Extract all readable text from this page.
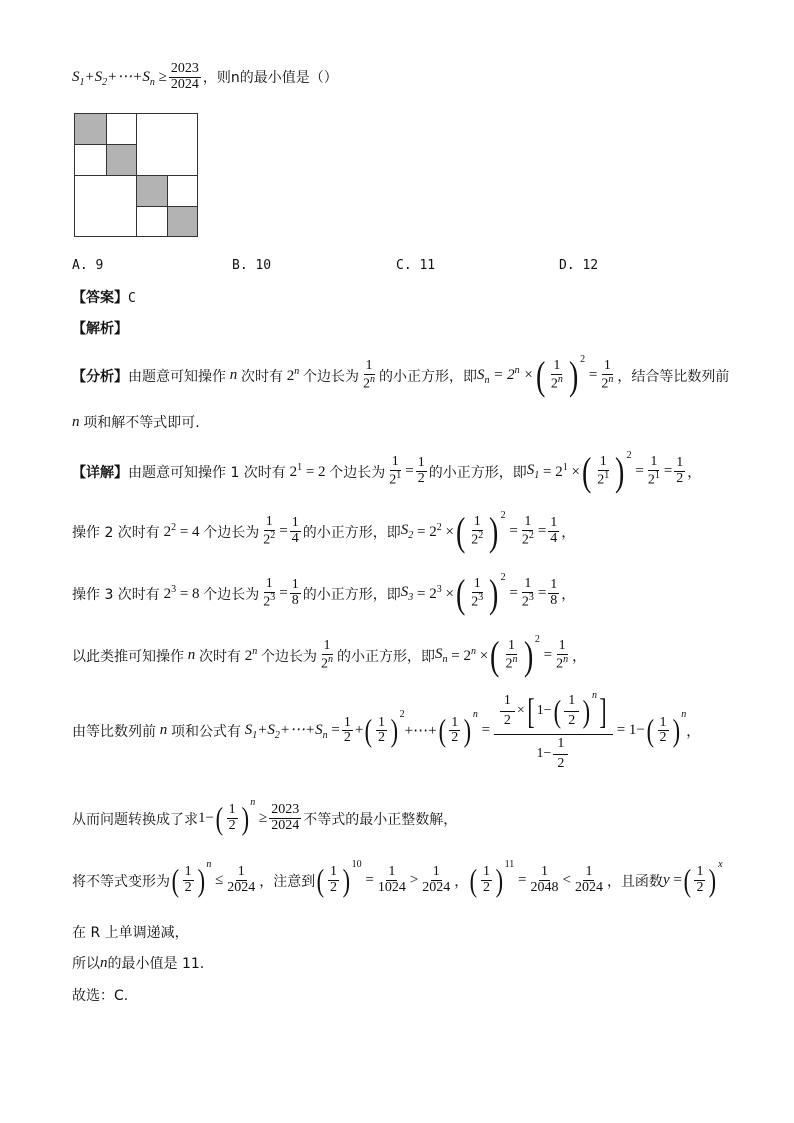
$S_1+S_2+\cdots+S_n \ge \frac{2023}{2024}$ ，则n的最小值是（）
A. 9	B. 10	C. 11	D. 12
【答案】C
【解析】
【分析】 由题意可知操作 n 次时有 2$^n$ 个边长为 $\frac{1}{2^n}$ 的小正方形，即 $S_n = 2^n$ × ( $\frac{1}{2^n}$ ) 2
= $\frac{1}{2^n}$ ，结合等比数列前
n 项和解不等式即可.
【详解】 由题意可知操作 1 次时有 $2^1 = 2$ 个边长为 $\frac{1}{2^1} = \frac{1}{2}$ 的小正方形，即 $S_1 = 2^1$ × ( $\frac{1}{2^1}$ ) 2
= $\frac{1}{2^1} = \frac{1}{2}$ ，
操作 2 次时有 $2^2 = 4$ 个边长为 $\frac{1}{2^2} = \frac{1}{4}$ 的小正方形，即 $S_2 = 2^2$ × ( $\frac{1}{2^2}$ ) 2
= $\frac{1}{2^2} = \frac{1}{4}$ ，
操作 3 次时有 $2^3 = 8$ 个边长为 $\frac{1}{2^3} = \frac{1}{8}$ 的小正方形，即 $S_3 = 2^3$ × ( $\frac{1}{2^3}$ ) 2
= $\frac{1}{2^3} = \frac{1}{8}$ ，
以此类推可知操作 n 次时有 2$^n$ 个边长为 $\frac{1}{2^n}$ 的小正方形，即 $S_n = 2^n$ × ( $\frac{1}{2^n}$ ) 2
= $\frac{1}{2^n}$ ，
由等比数列前 n 项和公式有 $S_1+S_2+\cdots+S_n = \frac{1}{2}$ + ( $\frac{1}{2}$ ) 2
+⋯+ ( $\frac{1}{2}$ ) n
= $\frac{\frac{1}{2} \times [ 1- ( \frac{1}{2} ) n ]}{1- \frac{1}{2}} = 1-$ ( $\frac{1}{2}$ ) n
，
从而问题转换成了求 1− ( $\frac{1}{2}$ ) n
≥ $\frac{2023}{2024}$ 不等式的最小正整数解，
将不等式变形为 ( $\frac{1}{2}$ ) n
≤ $\frac{1}{2024}$ ，注意到 ( $\frac{1}{2}$ ) 10
= $\frac{1}{1024} > \frac{1}{2024}$ ， ( $\frac{1}{2}$ ) 11
= $\frac{1}{2048} < \frac{1}{2024}$ ，且函数 y = ( $\frac{1}{2}$ ) x
在 R 上单调递减，
所以 n 的最小值是 11.
故选：C.
